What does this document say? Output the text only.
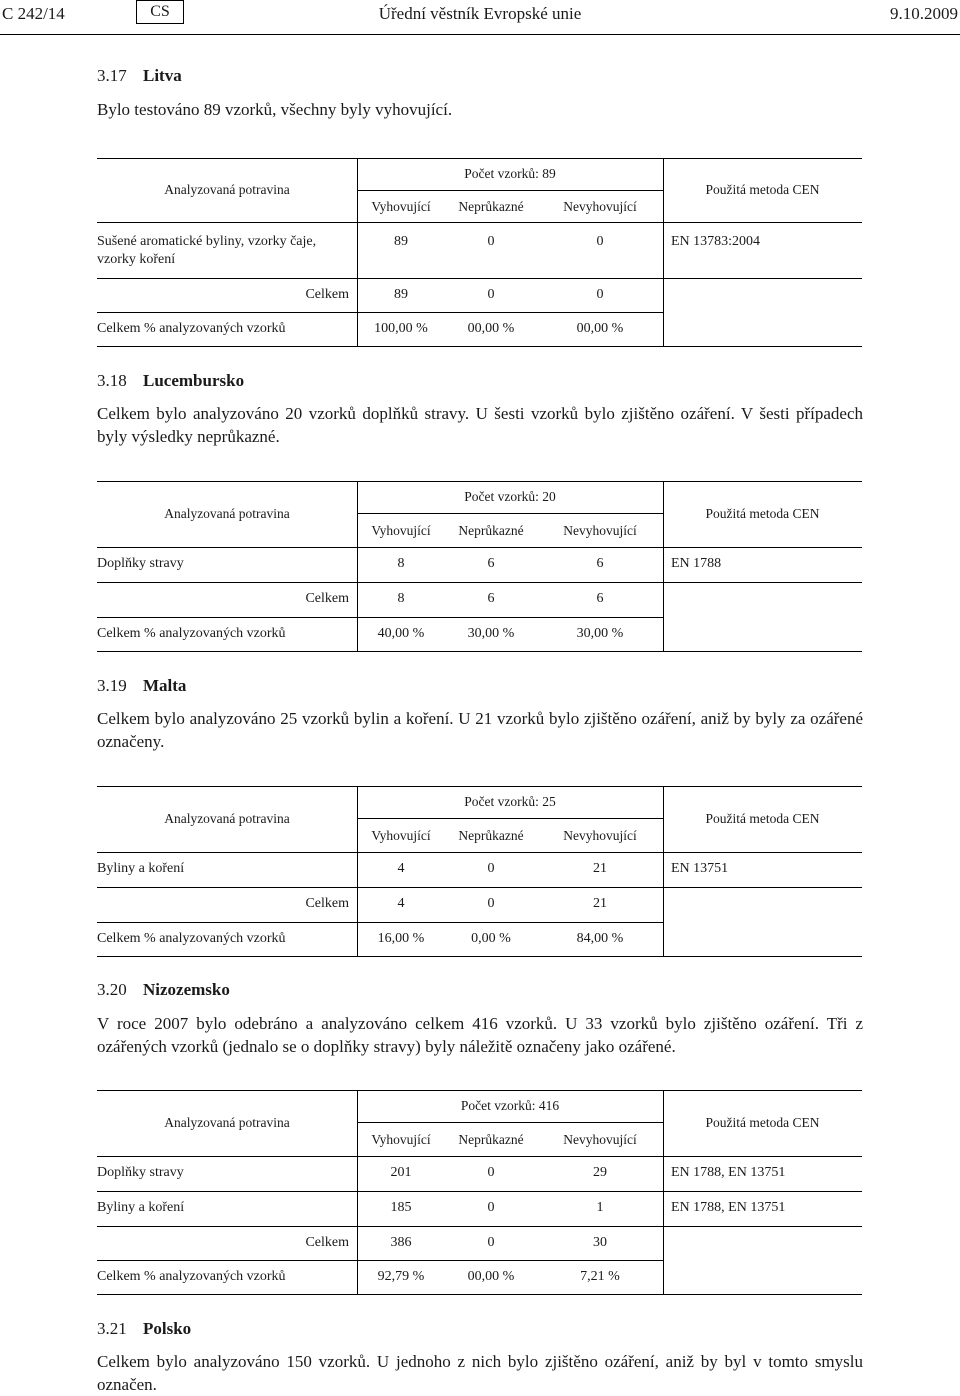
C 242/14	CS	Úřední věstník Evropské unie	9.10.2009
3.17 Litva
Bylo testováno 89 vzorků, všechny byly vyhovující.
Analyzovaná potravina
Počet vzorků: 89
Vyhovující	Neprůkazné	Nevyhovující
Použitá metoda CEN
Sušené aromatické byliny, vzorky čaje,
vzorky koření
89	0	0	EN 13783:2004
Celkem	89	0	0
Celkem % analyzovaných vzorků	100,00 %	00,00 %	00,00 %
3.18 Lucembursko
Celkem bylo analyzováno 20 vzorků doplňků stravy. U šesti vzorků bylo zjištěno ozáření. V šesti případech byly výsledky neprůkazné.
Analyzovaná potravina
Počet vzorků: 20
Vyhovující	Neprůkazné	Nevyhovující
Použitá metoda CEN
Doplňky stravy	8	6	6	EN 1788
Celkem	8	6	6
Celkem % analyzovaných vzorků	40,00 %	30,00 %	30,00 %
3.19 Malta
Celkem bylo analyzováno 25 vzorků bylin a koření. U 21 vzorků bylo zjištěno ozáření, aniž by byly za ozářené označeny.
Analyzovaná potravina
Počet vzorků: 25
Vyhovující	Neprůkazné	Nevyhovující
Použitá metoda CEN
Byliny a koření	4	0	21	EN 13751
Celkem	4	0	21
Celkem % analyzovaných vzorků	16,00 %	0,00 %	84,00 %
3.20 Nizozemsko
V roce 2007 bylo odebráno a analyzováno celkem 416 vzorků. U 33 vzorků bylo zjištěno ozáření. Tři z ozářených vzorků (jednalo se o doplňky stravy) byly náležitě označeny jako ozářené.
Analyzovaná potravina
Počet vzorků: 416
Vyhovující	Neprůkazné	Nevyhovující
Použitá metoda CEN
Doplňky stravy	201	0	29	EN 1788, EN 13751
Byliny a koření	185	0	1	EN 1788, EN 13751
Celkem	386	0	30
Celkem % analyzovaných vzorků	92,79 %	00,00 %	7,21 %
3.21 Polsko
Celkem bylo analyzováno 150 vzorků. U jednoho z nich bylo zjištěno ozáření, aniž by byl v tomto smyslu označen.
